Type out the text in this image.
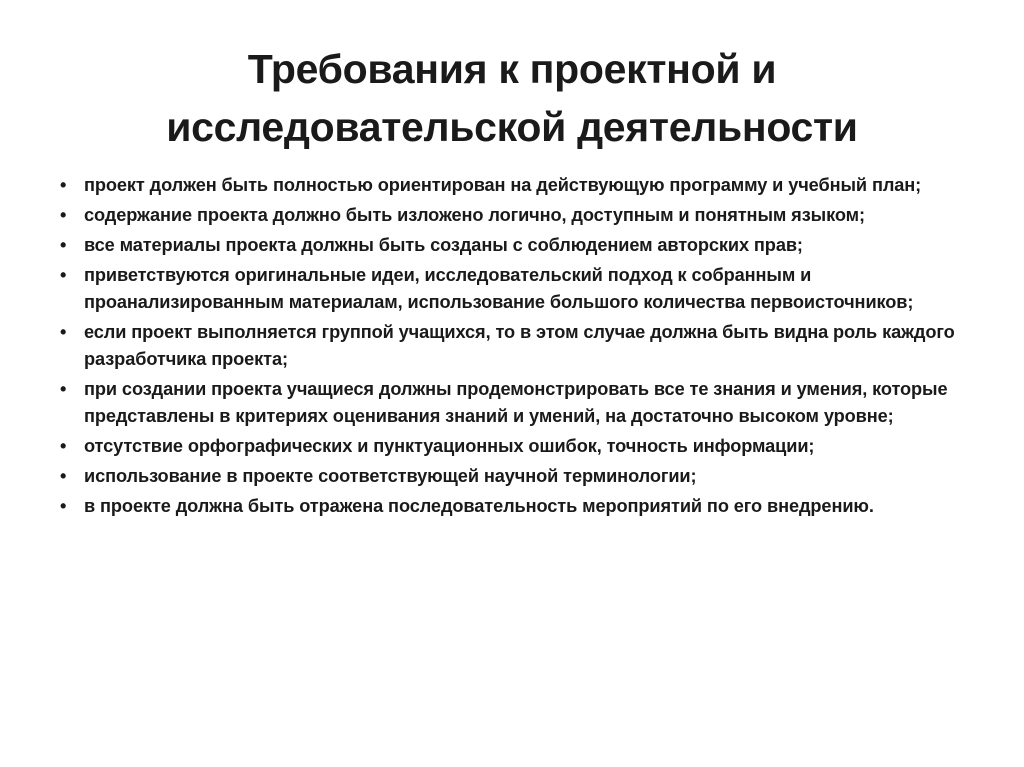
Требования к проектной и
исследовательской деятельности
• проект должен быть полностью ориентирован на действующую программу и учебный план;
• содержание проекта должно быть изложено логично, доступным и понятным языком;
• все материалы проекта должны быть созданы с соблюдением авторских прав;
• приветствуются оригинальные идеи, исследовательский подход к собранным и проанализированным материалам, использование большого количества первоисточников;
• если проект выполняется группой учащихся, то в этом случае должна быть видна роль каждого разработчика проекта;
• при создании проекта учащиеся должны продемонстрировать все те знания и умения, которые представлены в критериях оценивания знаний и умений, на достаточно высоком уровне;
• отсутствие орфографических и пунктуационных ошибок, точность информации;
• использование в проекте соответствующей научной терминологии;
• в проекте должна быть отражена последовательность мероприятий по его внедрению.
